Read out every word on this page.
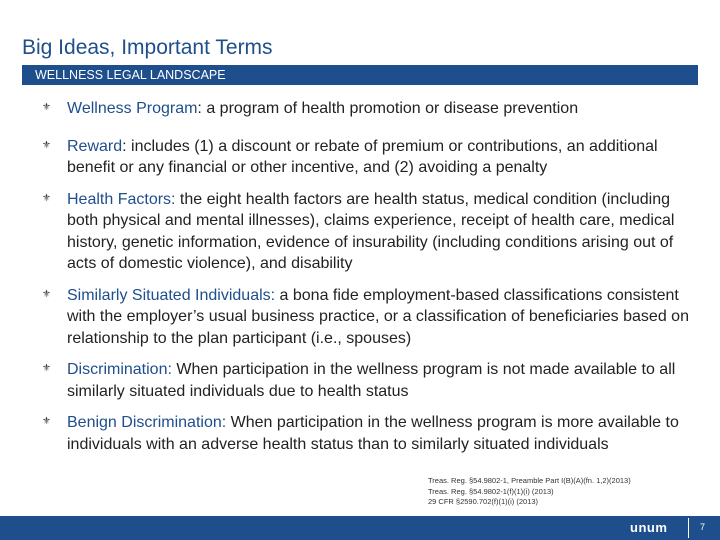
Big Ideas, Important Terms
WELLNESS LEGAL LANDSCAPE
⚜ Wellness Program: a program of health promotion or disease prevention
⚜ Reward: includes (1) a discount or rebate of premium or contributions, an additional benefit or any financial or other incentive, and (2) avoiding a penalty
⚜ Health Factors: the eight health factors are health status, medical condition (including both physical and mental illnesses), claims experience, receipt of health care, medical history, genetic information, evidence of insurability (including conditions arising out of acts of domestic violence), and disability
⚜ Similarly Situated Individuals: a bona fide employment-based classifications consistent with the employer’s usual business practice, or a classification of beneficiaries based on relationship to the plan participant (i.e., spouses)
⚜ Discrimination: When participation in the wellness program is not made available to all similarly situated individuals due to health status
⚜ Benign Discrimination: When participation in the wellness program is more available to individuals with an adverse health status than to similarly situated individuals
Treas. Reg. §54.9802-1, Preamble Part I(B)(A)(fn. 1,2)(2013)
Treas. Reg. §54.9802-1(f)(1)(i) (2013)
29 CFR §2590.702(f)(1)(i) (2013)
unum	7
